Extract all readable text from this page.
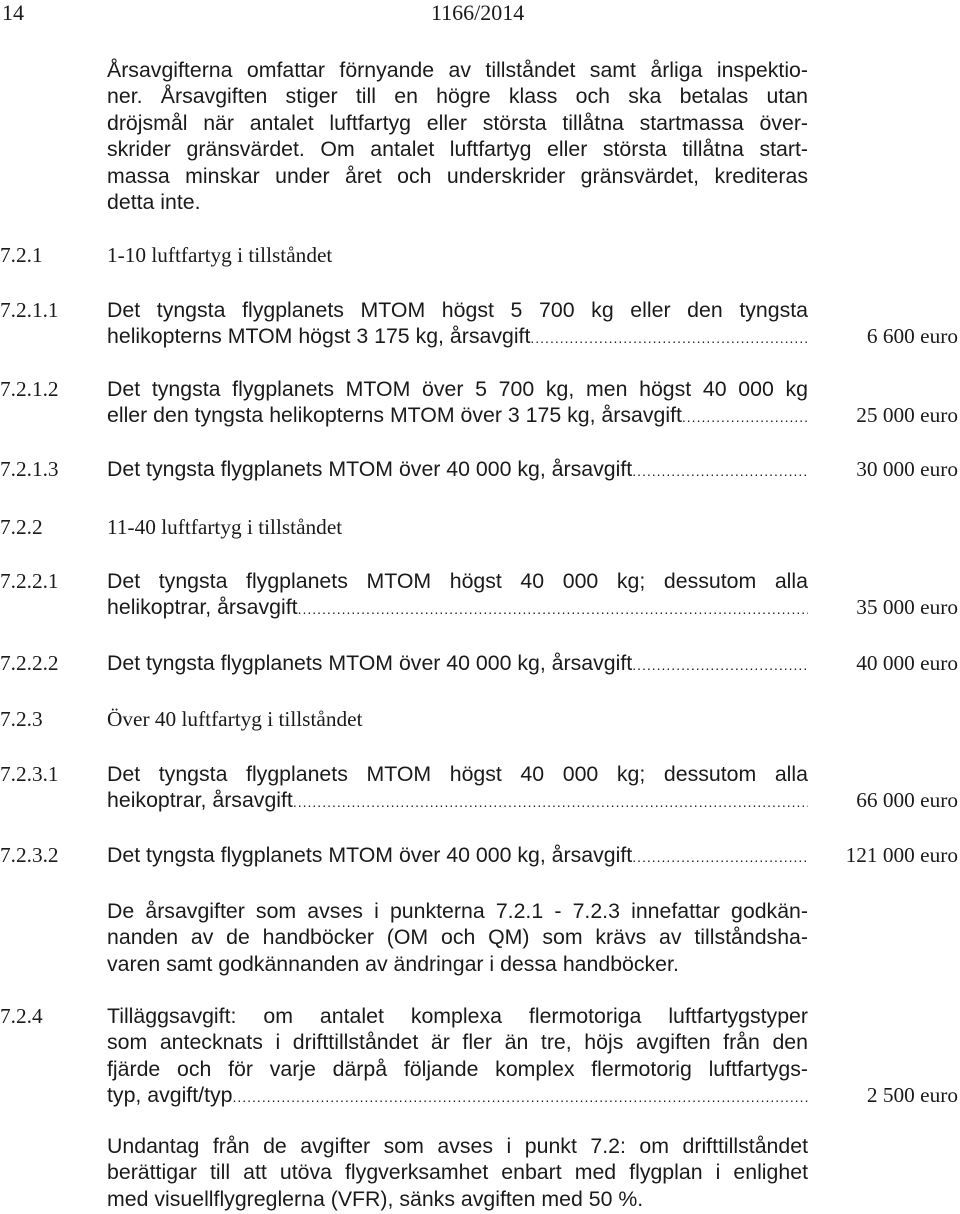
14	1166/2014
Årsavgifterna omfattar förnyande av tillståndet samt årliga inspektio-
ner. Årsavgiften stiger till en högre klass och ska betalas utan
dröjsmål när antalet luftfartyg eller största tillåtna startmassa över-
skrider gränsvärdet. Om antalet luftfartyg eller största tillåtna start-
massa minskar under året och underskrider gränsvärdet, krediteras
detta inte.
7.2.1	1-10 luftfartyg i tillståndet
7.2.1.1	Det tyngsta flygplanets MTOM högst 5 700 kg eller den tyngsta
helikopterns MTOM högst 3 175 kg, årsavgift .....	6 600 euro
7.2.1.2	Det tyngsta flygplanets MTOM över 5 700 kg, men högst 40 000 kg
eller den tyngsta helikopterns MTOM över 3 175 kg, årsavgift .....	25 000 euro
7.2.1.3	Det tyngsta flygplanets MTOM över 40 000 kg, årsavgift .....	30 000 euro
7.2.2	11-40 luftfartyg i tillståndet
7.2.2.1	Det tyngsta flygplanets MTOM högst 40 000 kg; dessutom alla
helikoptrar, årsavgift .....	35 000 euro
7.2.2.2	Det tyngsta flygplanets MTOM över 40 000 kg, årsavgift .....	40 000 euro
7.2.3	Över 40 luftfartyg i tillståndet
7.2.3.1	Det tyngsta flygplanets MTOM högst 40 000 kg; dessutom alla
heikoptrar, årsavgift .....	66 000 euro
7.2.3.2	Det tyngsta flygplanets MTOM över 40 000 kg, årsavgift .....	121 000 euro
De årsavgifter som avses i punkterna 7.2.1 - 7.2.3 innefattar godkän-
nanden av de handböcker (OM och QM) som krävs av tillståndsha-
varen samt godkännanden av ändringar i dessa handböcker.
7.2.4	Tilläggsavgift: om antalet komplexa flermotoriga luftfartygstyper
som antecknats i drifttillståndet är fler än tre, höjs avgiften från den
fjärde och för varje därpå följande komplex flermotorig luftfartygs-
typ, avgift/typ .....	2 500 euro
Undantag från de avgifter som avses i punkt 7.2: om drifttillståndet
berättigar till att utöva flygverksamhet enbart med flygplan i enlighet
med visuellflygreglerna (VFR), sänks avgiften med 50 %.
